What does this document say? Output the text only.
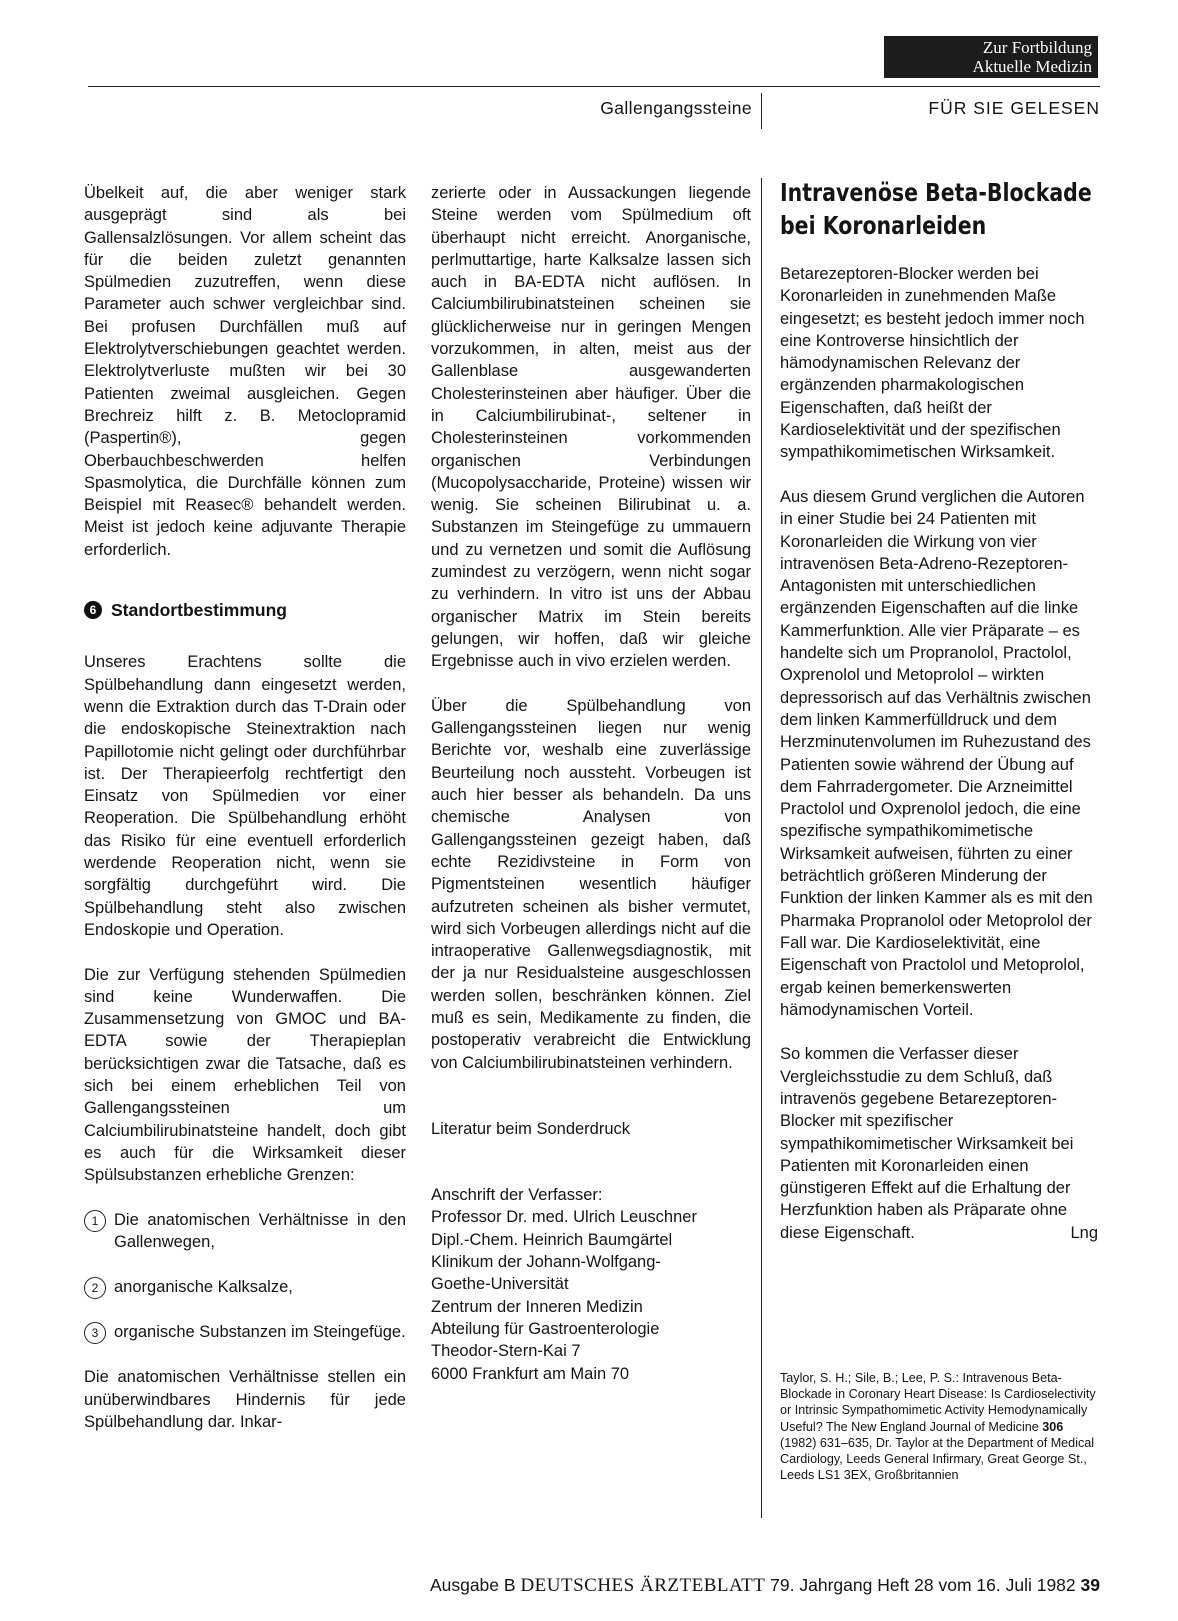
Zur Fortbildung
Aktuelle Medizin
Gallengangssteine	FÜR SIE GELESEN

Übelkeit auf, die aber weniger stark ausgeprägt sind als bei Gallensalzlösungen. Vor allem scheint das für die beiden zuletzt genannten Spülmedien zuzutreffen, wenn diese Parameter auch schwer vergleichbar sind. Bei profusen Durchfällen muß auf Elektrolytverschiebungen geachtet werden. Elektrolytverluste mußten wir bei 30 Patienten zweimal ausgleichen. Gegen Brechreiz hilft z. B. Metoclopramid (Paspertin®), gegen Oberbauchbeschwerden helfen Spasmolytica, die Durchfälle können zum Beispiel mit Reasec® behandelt werden. Meist ist jedoch keine adjuvante Therapie erforderlich.

6 Standortbestimmung

Unseres Erachtens sollte die Spülbehandlung dann eingesetzt werden, wenn die Extraktion durch das T-Drain oder die endoskopische Steinextraktion nach Papillotomie nicht gelingt oder durchführbar ist. Der Therapieerfolg rechtfertigt den Einsatz von Spülmedien vor einer Reoperation. Die Spülbehandlung erhöht das Risiko für eine eventuell erforderlich werdende Reoperation nicht, wenn sie sorgfältig durchgeführt wird. Die Spülbehandlung steht also zwischen Endoskopie und Operation.

Die zur Verfügung stehenden Spülmedien sind keine Wunderwaffen. Die Zusammensetzung von GMOC und BA-EDTA sowie der Therapieplan berücksichtigen zwar die Tatsache, daß es sich bei einem erheblichen Teil von Gallengangssteinen um Calciumbilirubinatsteine handelt, doch gibt es auch für die Wirksamkeit dieser Spülsubstanzen erhebliche Grenzen:

1 Die anatomischen Verhältnisse in den Gallenwegen,
2 anorganische Kalksalze,
3 organische Substanzen im Steingefüge.

Die anatomischen Verhältnisse stellen ein unüberwindbares Hindernis für jede Spülbehandlung dar. Inkar-

zerierte oder in Aussackungen liegende Steine werden vom Spülmedium oft überhaupt nicht erreicht. Anorganische, perlmuttartige, harte Kalksalze lassen sich auch in BA-EDTA nicht auflösen. In Calciumbilirubinatsteinen scheinen sie glücklicherweise nur in geringen Mengen vorzukommen, in alten, meist aus der Gallenblase ausgewanderten Cholesterinsteinen aber häufiger. Über die in Calciumbilirubinat-, seltener in Cholesterinsteinen vorkommenden organischen Verbindungen (Mucopolysaccharide, Proteine) wissen wir wenig. Sie scheinen Bilirubinat u. a. Substanzen im Steingefüge zu ummauern und zu vernetzen und somit die Auflösung zumindest zu verzögern, wenn nicht sogar zu verhindern. In vitro ist uns der Abbau organischer Matrix im Stein bereits gelungen, wir hoffen, daß wir gleiche Ergebnisse auch in vivo erzielen werden.

Über die Spülbehandlung von Gallengangssteinen liegen nur wenig Berichte vor, weshalb eine zuverlässige Beurteilung noch aussteht. Vorbeugen ist auch hier besser als behandeln. Da uns chemische Analysen von Gallengangssteinen gezeigt haben, daß echte Rezidivsteine in Form von Pigmentsteinen wesentlich häufiger aufzutreten scheinen als bisher vermutet, wird sich Vorbeugen allerdings nicht auf die intraoperative Gallenwegsdiagnostik, mit der ja nur Residualsteine ausgeschlossen werden sollen, beschränken können. Ziel muß es sein, Medikamente zu finden, die postoperativ verabreicht die Entwicklung von Calciumbilirubinatsteinen verhindern.

Literatur beim Sonderdruck

Anschrift der Verfasser:
Professor Dr. med. Ulrich Leuschner
Dipl.-Chem. Heinrich Baumgärtel
Klinikum der Johann-Wolfgang-
Goethe-Universität
Zentrum der Inneren Medizin
Abteilung für Gastroenterologie
Theodor-Stern-Kai 7
6000 Frankfurt am Main 70
Intravenöse Beta-Blockade
bei Koronarleiden

Betarezeptoren-Blocker werden bei Koronarleiden in zunehmenden Maße eingesetzt; es besteht jedoch immer noch eine Kontroverse hinsichtlich der hämodynamischen Relevanz der ergänzenden pharmakologischen Eigenschaften, daß heißt der Kardioselektivität und der spezifischen sympathikomimetischen Wirksamkeit.

Aus diesem Grund verglichen die Autoren in einer Studie bei 24 Patienten mit Koronarleiden die Wirkung von vier intravenösen Beta-Adreno-Rezeptoren-Antagonisten mit unterschiedlichen ergänzenden Eigenschaften auf die linke Kammerfunktion. Alle vier Präparate – es handelte sich um Propranolol, Practolol, Oxprenolol und Metoprolol – wirkten depressorisch auf das Verhältnis zwischen dem linken Kammerfülldruck und dem Herzminutenvolumen im Ruhezustand des Patienten sowie während der Übung auf dem Fahrradergometer. Die Arzneimittel Practolol und Oxprenolol jedoch, die eine spezifische sympathikomimetische Wirksamkeit aufweisen, führten zu einer beträchtlich größeren Minderung der Funktion der linken Kammer als es mit den Pharmaka Propranolol oder Metoprolol der Fall war. Die Kardioselektivität, eine Eigenschaft von Practolol und Metoprolol, ergab keinen bemerkenswerten hämodynamischen Vorteil.

So kommen die Verfasser dieser Vergleichsstudie zu dem Schluß, daß intravenös gegebene Betarezeptoren-Blocker mit spezifischer sympathikomimetischer Wirksamkeit bei Patienten mit Koronarleiden einen günstigeren Effekt auf die Erhaltung der Herzfunktion haben als Präparate ohne diese Eigenschaft.	Lng

Taylor, S. H.; Sile, B.; Lee, P. S.: Intravenous Beta-Blockade in Coronary Heart Disease: Is Cardioselectivity or Intrinsic Sympathomimetic Activity Hemodynamically Useful? The New England Journal of Medicine 306 (1982) 631–635, Dr. Taylor at the Department of Medical Cardiology, Leeds General Infirmary, Great George St., Leeds LS1 3EX, Großbritannien
Ausgabe B DEUTSCHES ÄRZTEBLATT 79. Jahrgang Heft 28 vom 16. Juli 1982 39
